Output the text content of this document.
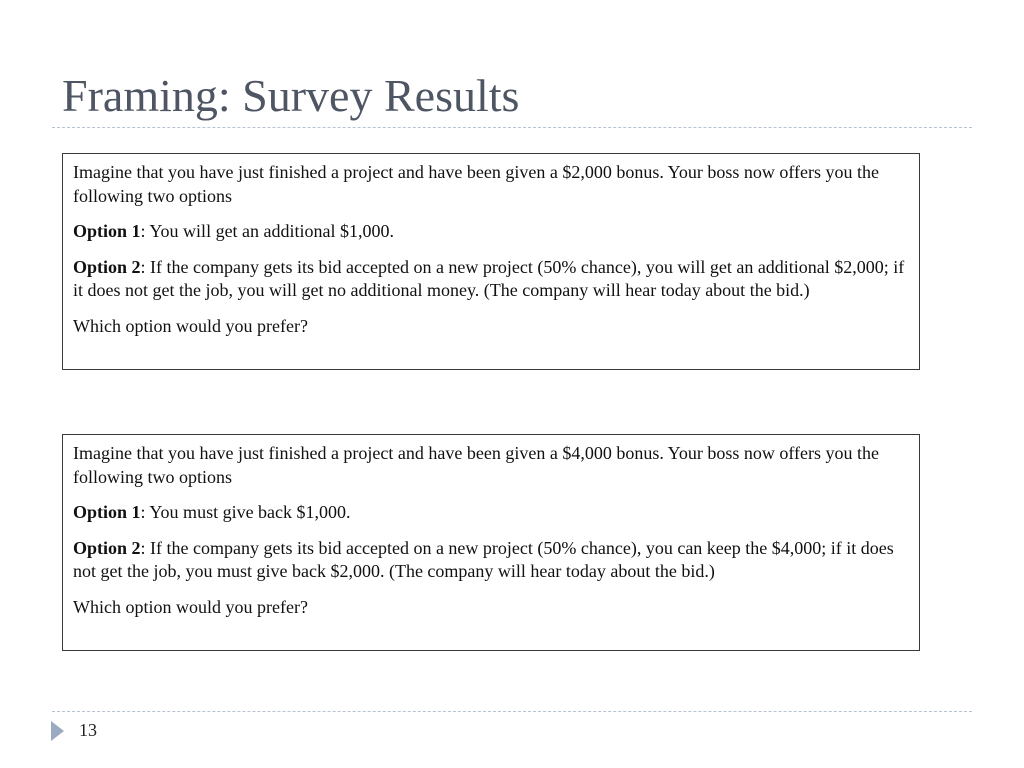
Framing: Survey Results

Imagine that you have just finished a project and have been given a $2,000 bonus. Your boss now offers you the following two options

Option 1: You will get an additional $1,000.

Option 2: If the company gets its bid accepted on a new project (50% chance), you will get an additional $2,000; if it does not get the job, you will get no additional money. (The company will hear today about the bid.)

Which option would you prefer?

Imagine that you have just finished a project and have been given a $4,000 bonus. Your boss now offers you the following two options

Option 1: You must give back $1,000.

Option 2: If the company gets its bid accepted on a new project (50% chance), you can keep the $4,000; if it does not get the job, you must give back $2,000. (The company will hear today about the bid.)

Which option would you prefer?

13
